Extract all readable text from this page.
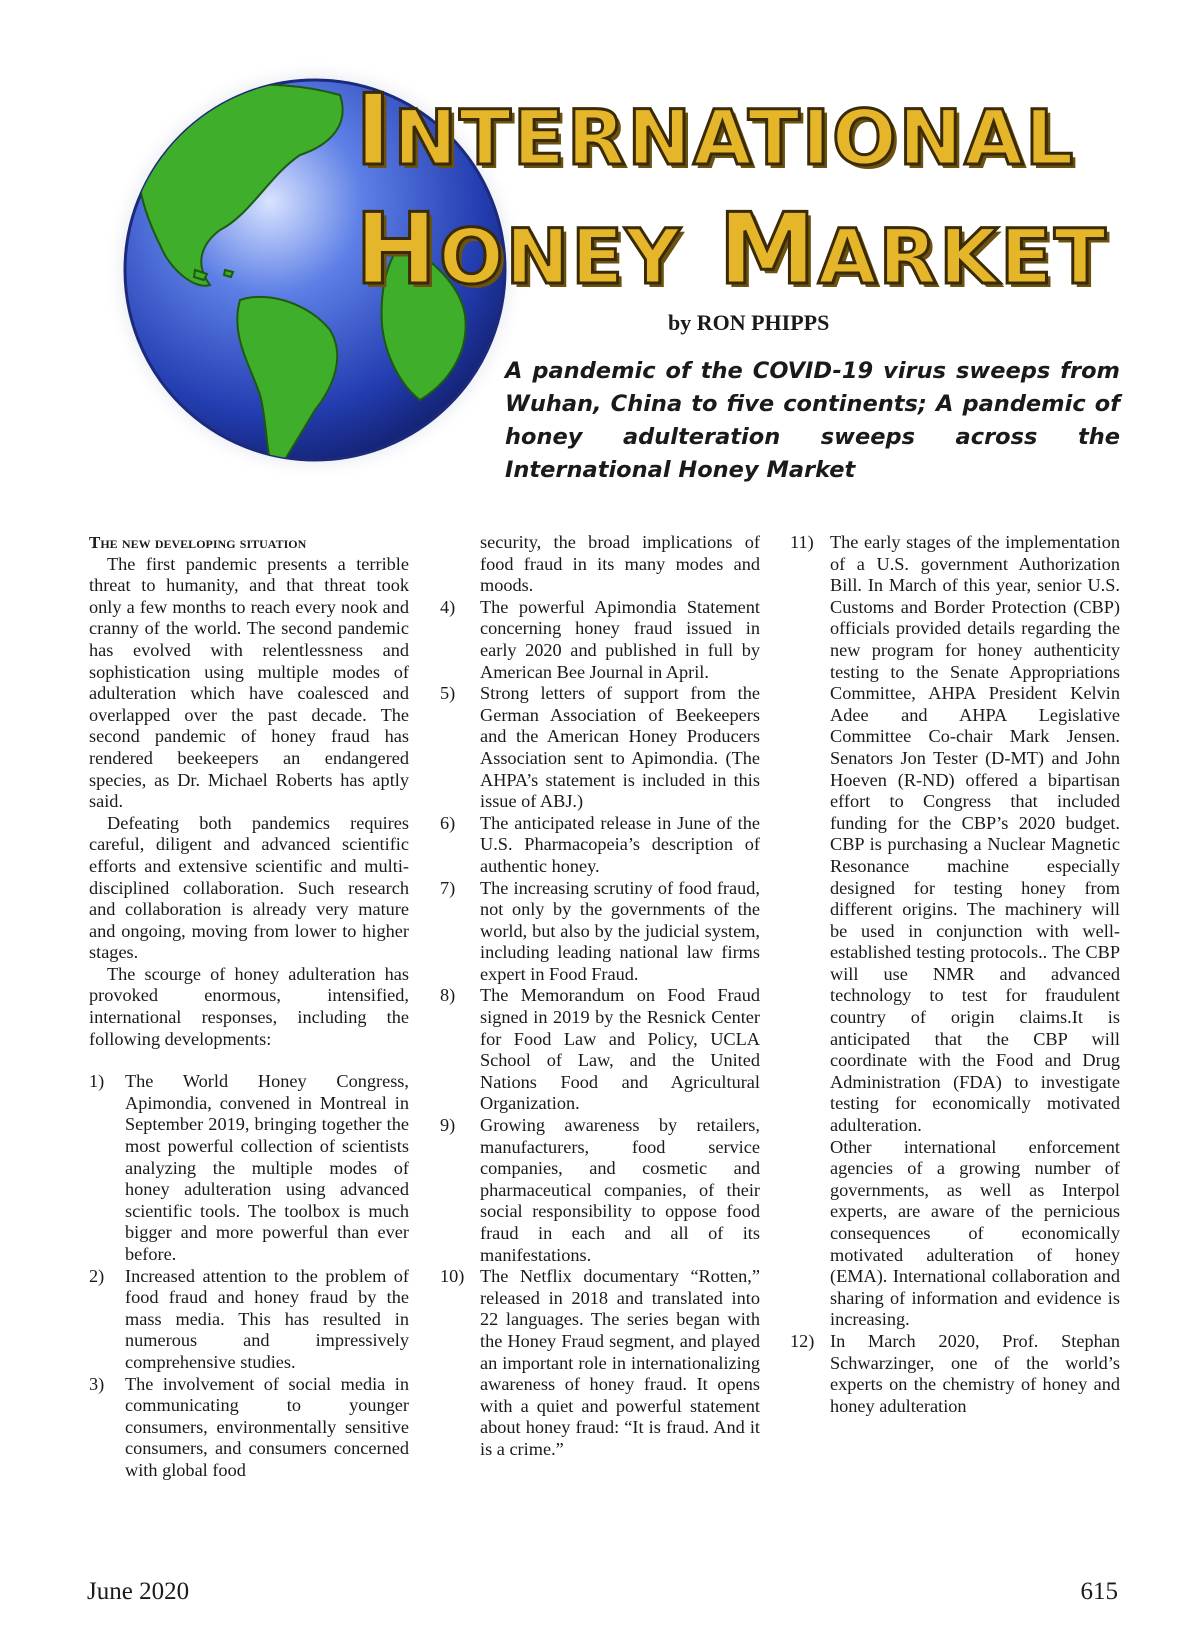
INTERNATIONAL
HONEY MARKET
by RON PHIPPS
A pandemic of the COVID-19 virus sweeps from Wuhan, China to five continents; A pandemic of honey adulteration sweeps across the International Honey Market
The new developing situation

The first pandemic presents a terrible threat to humanity, and that threat took only a few months to reach every nook and cranny of the world. The second pandemic has evolved with relentlessness and sophistication using multiple modes of adulteration which have coalesced and overlapped over the past decade. The second pandemic of honey fraud has rendered beekeepers an endangered species, as Dr. Michael Roberts has aptly said.

Defeating both pandemics requires careful, diligent and advanced scientific efforts and extensive scientific and multi-disciplined collaboration. Such research and collaboration is already very mature and ongoing, moving from lower to higher stages.

The scourge of honey adulteration has provoked enormous, intensified, international responses, including the following developments:

1)	The World Honey Congress, Apimondia, convened in Montreal in September 2019, bringing together the most powerful collection of scientists analyzing the multiple modes of honey adulteration using advanced scientific tools. The toolbox is much bigger and more powerful than ever before.
2)	Increased attention to the problem of food fraud and honey fraud by the mass media. This has resulted in numerous and impressively comprehensive studies.
3)	The involvement of social media in communicating to younger consumers, environmentally sensitive consumers, and consumers concerned with global food

security, the broad implications of food fraud in its many modes and moods.

4)	The powerful Apimondia Statement concerning honey fraud issued in early 2020 and published in full by American Bee Journal in April.
5)	Strong letters of support from the German Association of Beekeepers and the American Honey Producers Association sent to Apimondia. (The AHPA’s statement is included in this issue of ABJ.)
6)	The anticipated release in June of the U.S. Pharmacopeia’s description of authentic honey.
7)	The increasing scrutiny of food fraud, not only by the governments of the world, but also by the judicial system, including leading national law firms expert in Food Fraud.
8)	The Memorandum on Food Fraud signed in 2019 by the Resnick Center for Food Law and Policy, UCLA School of Law, and the United Nations Food and Agricultural Organization.
9)	Growing awareness by retailers, manufacturers, food service companies, and cosmetic and pharmaceutical companies, of their social responsibility to oppose food fraud in each and all of its manifestations.
10) The Netflix documentary “Rotten,” released in 2018 and translated into 22 languages. The series began with the Honey Fraud segment, and played an important role in internationalizing awareness of honey fraud. It opens with a quiet and powerful statement about honey fraud: “It is fraud. And it is a crime.”
11) The early stages of the implementation of a U.S. government Authorization Bill. In March of this year, senior U.S. Customs and Border Protection (CBP) officials provided details regarding the new program for honey authenticity testing to the Senate Appropriations Committee, AHPA President Kelvin Adee and AHPA Legislative Committee Co-chair Mark Jensen. Senators Jon Tester (D-MT) and John Hoeven (R-ND) offered a bipartisan effort to Congress that included funding for the CBP’s 2020 budget. CBP is purchasing a Nuclear Magnetic Resonance machine especially designed for testing honey from different origins. The machinery will be used in conjunction with well-established testing protocols.. The CBP will use NMR and advanced technology to test for fraudulent country of origin claims.It is anticipated that the CBP will coordinate with the Food and Drug Administration (FDA) to investigate testing for economically motivated adulteration.

Other international enforcement agencies of a growing number of governments, as well as Interpol experts, are aware of the pernicious consequences of economically motivated adulteration of honey (EMA). International collaboration and sharing of information and evidence is increasing.

12) In March 2020, Prof. Stephan Schwarzinger, one of the world’s experts on the chemistry of honey and honey adulteration
June 2020	615
